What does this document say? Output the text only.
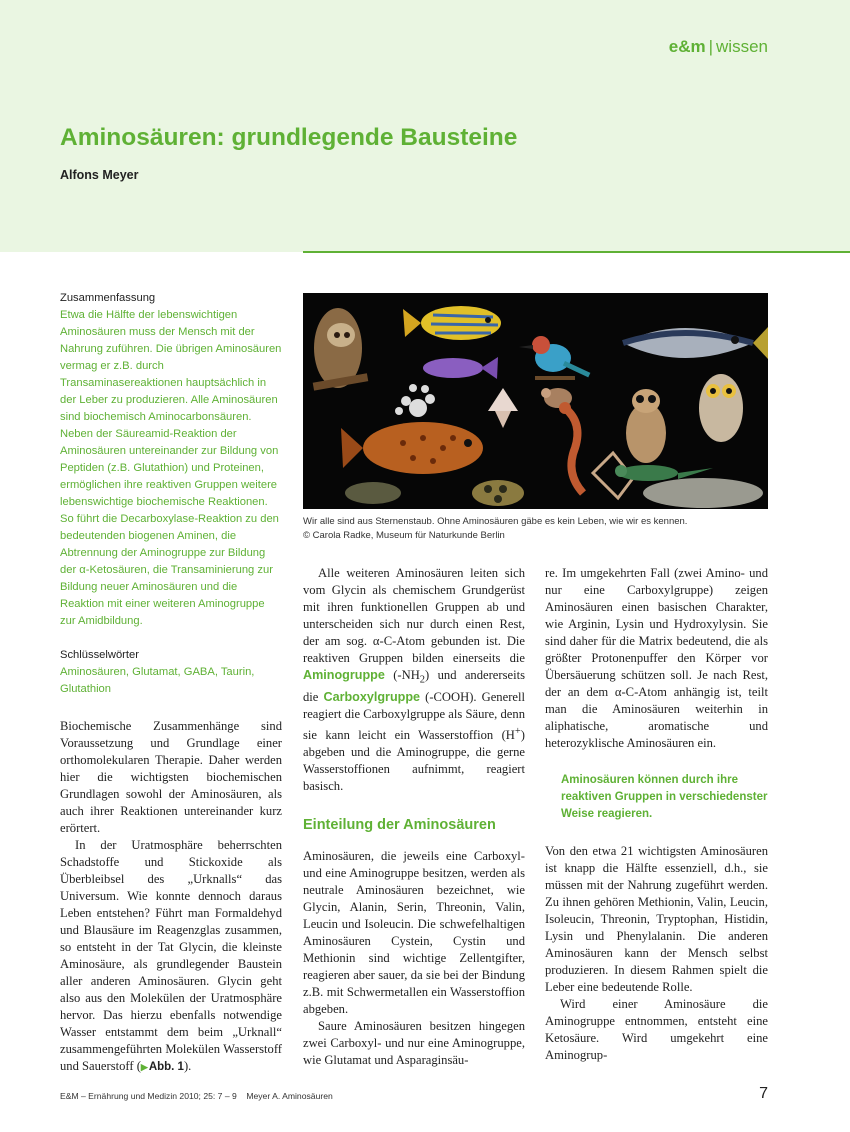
e&m | wissen
Aminosäuren: grundlegende Bausteine
Alfons Meyer

Zusammenfassung

Etwa die Hälfte der lebenswichtigen Aminosäuren muss der Mensch mit der Nahrung zuführen. Die übrigen Aminosäuren vermag er z.B. durch Transaminasereaktionen hauptsächlich in der Leber zu produzieren. Alle Aminosäuren sind biochemisch Aminocarbonsäuren. Neben der Säureamid-Reaktion der Aminosäuren untereinander zur Bildung von Peptiden (z.B. Glutathion) und Proteinen, ermöglichen ihre reaktiven Gruppen weitere lebenswichtige biochemische Reaktionen. So führt die Decarboxylase-Reaktion zu den bedeutenden biogenen Aminen, die Abtrennung der Aminogruppe zur Bildung der α-Ketosäuren, die Transaminierung zur Bildung neuer Aminosäuren und die Reaktion mit einer weiteren Aminogruppe zur Amidbildung.

Schlüsselwörter

Aminosäuren, Glutamat, GABA, Taurin, Glutathion

Biochemische Zusammenhänge sind Voraussetzung und Grundlage einer orthomolekularen Therapie. Daher werden hier die wichtigsten biochemischen Grundlagen sowohl der Aminosäuren, als auch ihrer Reaktionen untereinander kurz erörtert.

In der Uratmosphäre beherrschten Schadstoffe und Stickoxide als Überbleibsel des „Urknalls“ das Universum. Wie konnte dennoch daraus Leben entstehen? Führt man Formaldehyd und Blausäure im Reagenzglas zusammen, so entsteht in der Tat Glycin, die kleinste Aminosäure, als grundlegender Baustein aller anderen Aminosäuren. Glycin geht also aus den Molekülen der Uratmosphäre hervor. Das hierzu ebenfalls notwendige Wasser entstammt dem beim „Urknall“ zusammengeführten Molekülen Wasserstoff und Sauerstoff (▶ Abb. 1).

Wir alle sind aus Sternenstaub. Ohne Aminosäuren gäbe es kein Leben, wie wir es kennen.
© Carola Radke, Museum für Naturkunde Berlin

Alle weiteren Aminosäuren leiten sich vom Glycin als chemischem Grundgerüst mit ihren funktionellen Gruppen ab und unterscheiden sich nur durch einen Rest, der am sog. α-C-Atom gebunden ist. Die reaktiven Gruppen bilden einerseits die Aminogruppe $(-NH_2)$ und andererseits die Carboxylgruppe (-COOH). Generell reagiert die Carboxylgruppe als Säure, denn sie kann leicht ein Wasserstoffion (H+) abgeben und die Aminogruppe, die gerne Wasserstoffionen aufnimmt, reagiert basisch.

Einteilung der Aminosäuren

Aminosäuren, die jeweils eine Carboxyl- und eine Aminogruppe besitzen, werden als neutrale Aminosäuren bezeichnet, wie Glycin, Alanin, Serin, Threonin, Valin, Leucin und Isoleucin. Die schwefelhaltigen Aminosäuren Cystein, Cystin und Methionin sind wichtige Zellentgifter, reagieren aber sauer, da sie bei der Bindung z.B. mit Schwermetallen ein Wasserstoffion abgeben.

Saure Aminosäuren besitzen hingegen zwei Carboxyl- und nur eine Aminogruppe, wie Glutamat und Asparaginsäu-

re. Im umgekehrten Fall (zwei Amino- und nur eine Carboxylgruppe) zeigen Aminosäuren einen basischen Charakter, wie Arginin, Lysin und Hydroxylysin. Sie sind daher für die Matrix bedeutend, die als größter Protonenpuffer den Körper vor Übersäuerung schützen soll. Je nach Rest, der an dem α-C-Atom anhängig ist, teilt man die Aminosäuren weiterhin in aliphatische, aromatische und heterozyklische Aminosäuren ein.

Aminosäuren können durch ihre reaktiven Gruppen in verschiedenster Weise reagieren.

Von den etwa 21 wichtigsten Aminosäuren ist knapp die Hälfte essenziell, d.h., sie müssen mit der Nahrung zugeführt werden. Zu ihnen gehören Methionin, Valin, Leucin, Isoleucin, Threonin, Tryptophan, Histidin, Lysin und Phenylalanin. Die anderen Aminosäuren kann der Mensch selbst produzieren. In diesem Rahmen spielt die Leber eine bedeutende Rolle.

Wird einer Aminosäure die Aminogruppe entnommen, entsteht eine Ketosäure. Wird umgekehrt eine Aminogrup-

E&M – Ernährung und Medizin 2010; 25: 7 – 9    Meyer A. Aminosäuren	7
